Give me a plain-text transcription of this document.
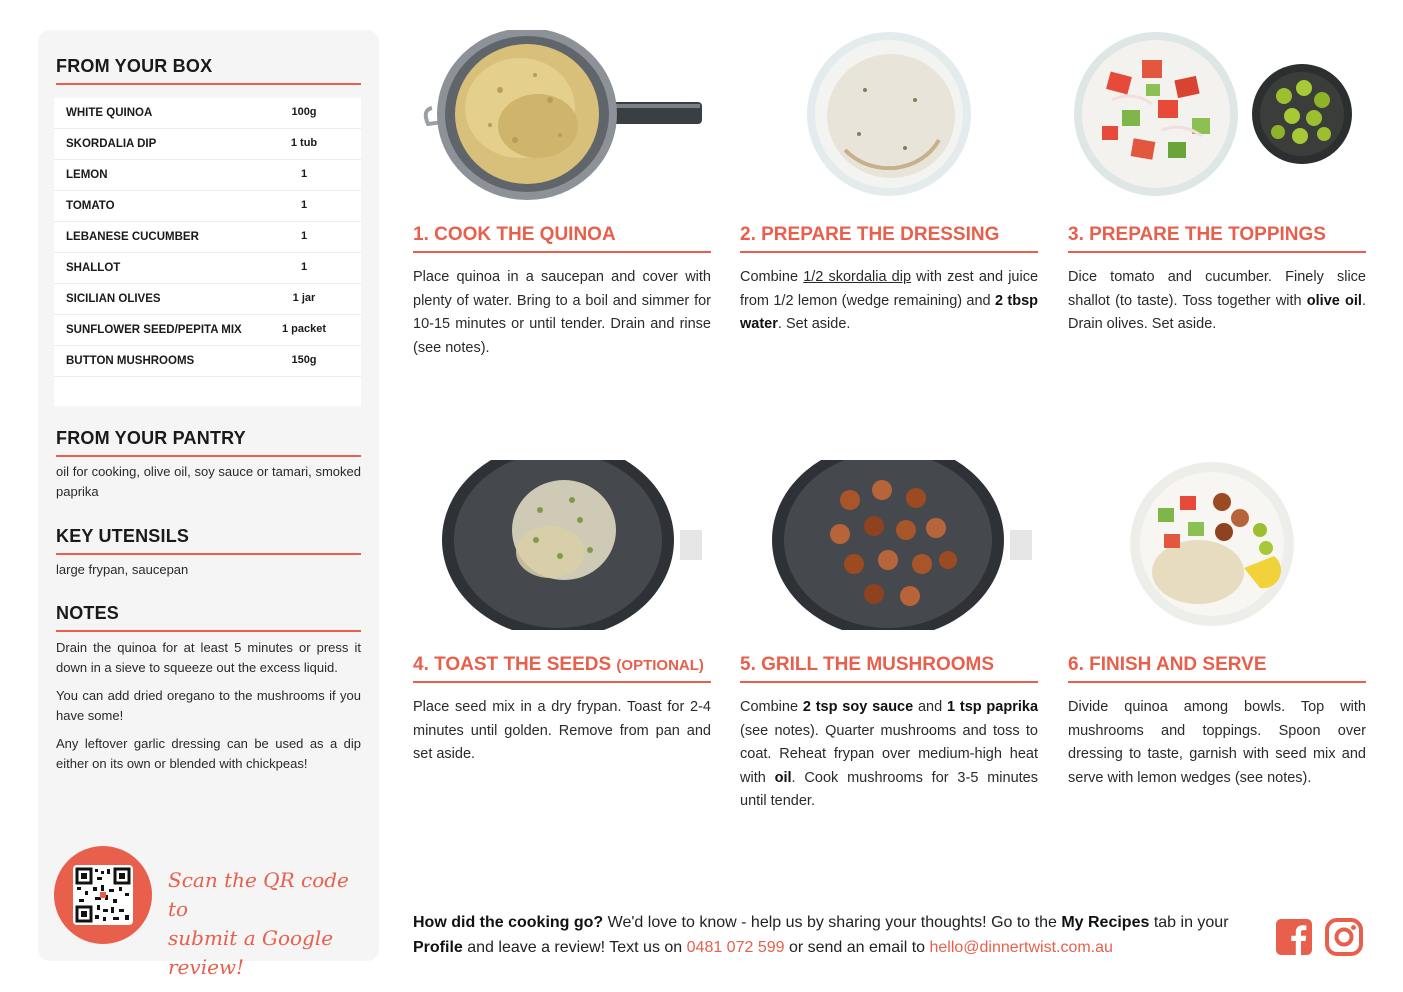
FROM YOUR BOX
WHITE QUINOA	100g
SKORDALIA DIP	1 tub
LEMON	1
TOMATO	1
LEBANESE CUCUMBER	1
SHALLOT	1
SICILIAN OLIVES	1 jar
SUNFLOWER SEED/PEPITA MIX	1 packet
BUTTON MUSHROOMS	150g
FROM YOUR PANTRY
oil for cooking, olive oil, soy sauce or tamari, smoked paprika
KEY UTENSILS
large frypan, saucepan
NOTES

Drain the quinoa for at least 5 minutes or press it down in a sieve to squeeze out the excess liquid.

You can add dried oregano to the mushrooms if you have some!

Any leftover garlic dressing can be used as a dip either on its own or blended with chickpeas!

Scan the QR code to
submit a Google review!
1. COOK THE QUINOA
Place quinoa in a saucepan and cover with plenty of water. Bring to a boil and simmer for 10-15 minutes or until tender. Drain and rinse (see notes).
2. PREPARE THE DRESSING
Combine 1/2 skordalia dip with zest and juice from 1/2 lemon (wedge remaining) and 2 tbsp water. Set aside.
3. PREPARE THE TOPPINGS
Dice tomato and cucumber. Finely slice shallot (to taste). Toss together with olive oil. Drain olives. Set aside.
4. TOAST THE SEEDS (OPTIONAL)
Place seed mix in a dry frypan. Toast for 2-4 minutes until golden. Remove from pan and set aside.
5. GRILL THE MUSHROOMS
Combine 2 tsp soy sauce and 1 tsp paprika (see notes). Quarter mushrooms and toss to coat. Reheat frypan over medium-high heat with oil. Cook mushrooms for 3-5 minutes until tender.
6. FINISH AND SERVE
Divide quinoa among bowls. Top with mushrooms and toppings. Spoon over dressing to taste, garnish with seed mix and serve with lemon wedges (see notes).
How did the cooking go? We'd love to know - help us by sharing your thoughts! Go to the My Recipes tab in your Profile and leave a review! Text us on 0481 072 599 or send an email to hello@dinnertwist.com.au
